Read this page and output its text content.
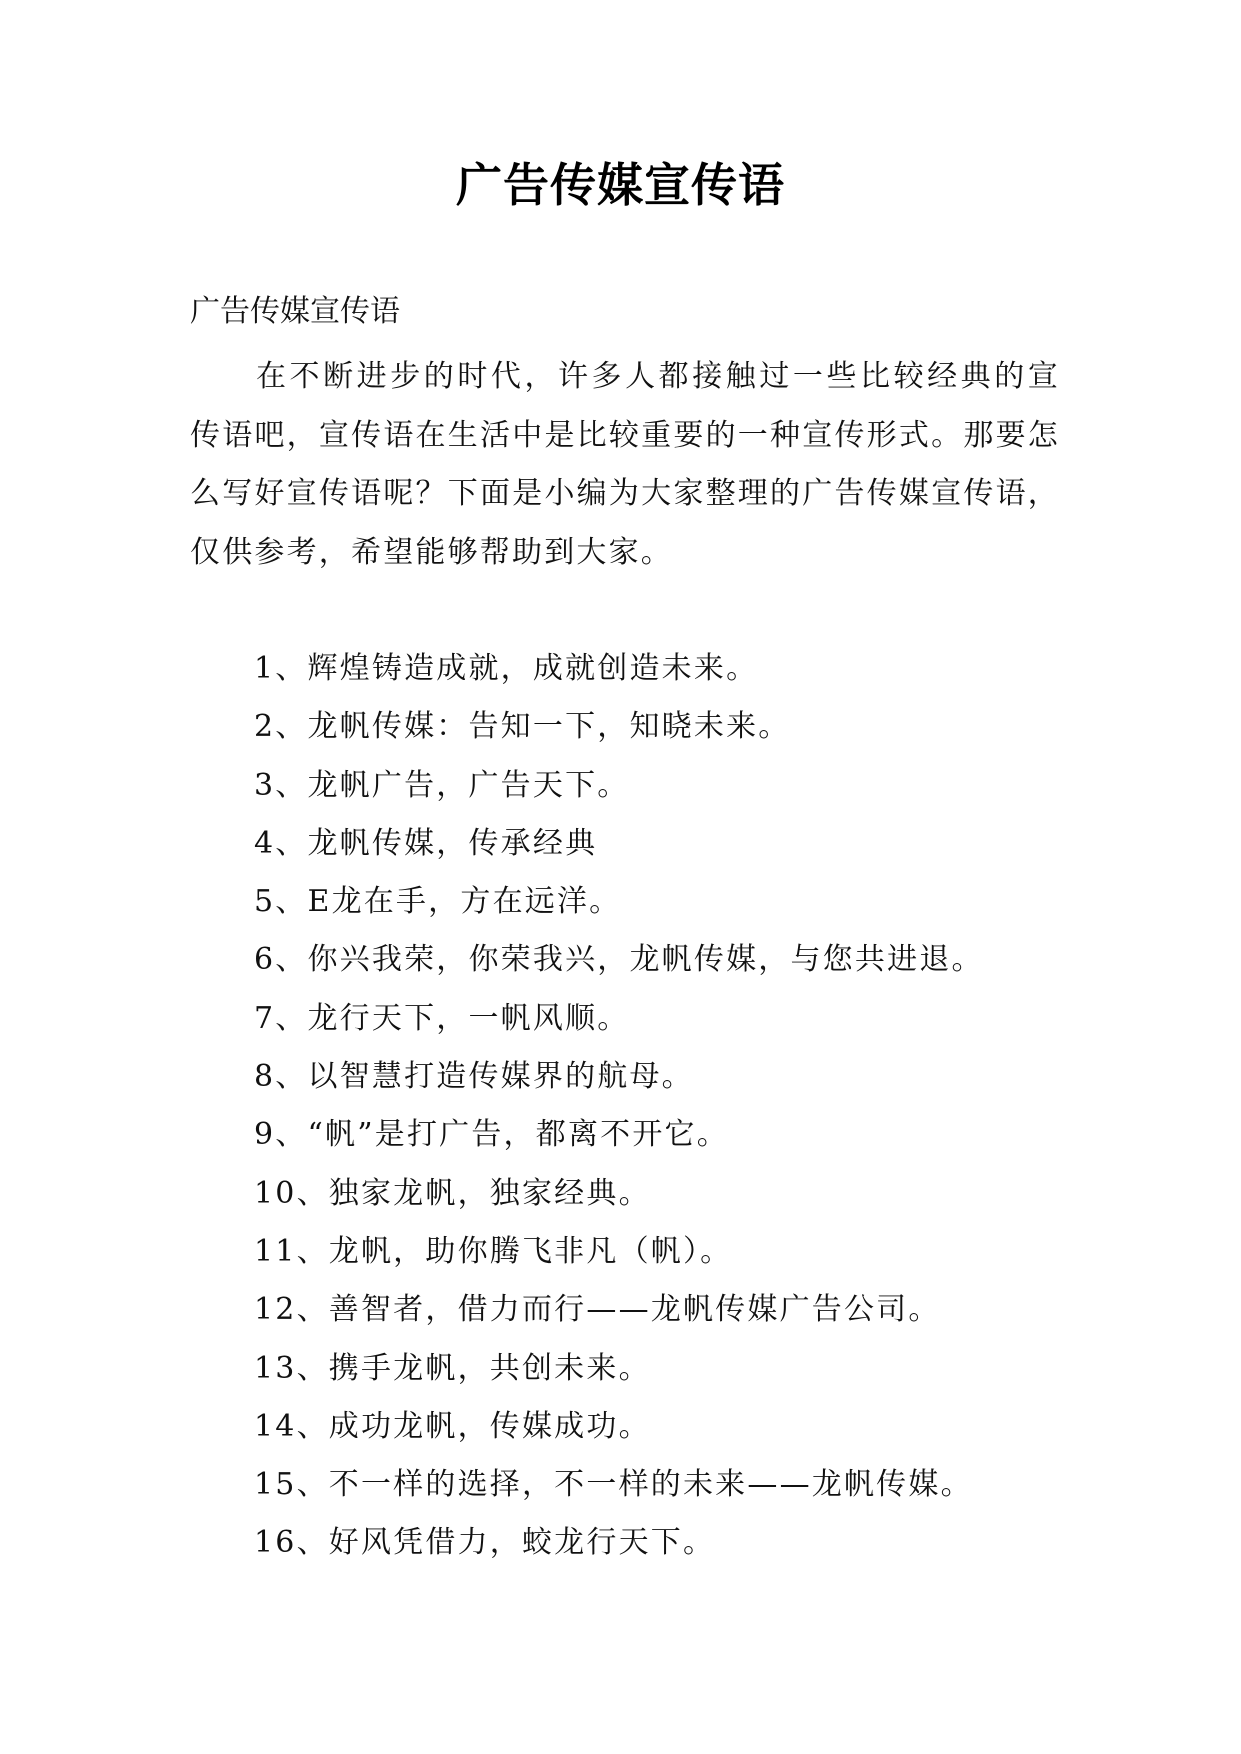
广告传媒宣传语

广告传媒宣传语

在不断进步的时代，许多人都接触过一些比较经典的宣传语吧，宣传语在生活中是比较重要的一种宣传形式。那要怎么写好宣传语呢？下面是小编为大家整理的广告传媒宣传语，仅供参考，希望能够帮助到大家。

1、辉煌铸造成就，成就创造未来。
2、龙帆传媒：告知一下，知晓未来。
3、龙帆广告，广告天下。
4、龙帆传媒，传承经典
5、E龙在手，方在远洋。
6、你兴我荣，你荣我兴，龙帆传媒，与您共进退。
7、龙行天下，一帆风顺。
8、以智慧打造传媒界的航母。
9、“帆”是打广告，都离不开它。
10、独家龙帆，独家经典。
11、龙帆，助你腾飞非凡（帆）。
12、善智者，借力而行——龙帆传媒广告公司。
13、携手龙帆，共创未来。
14、成功龙帆，传媒成功。
15、不一样的选择，不一样的未来——龙帆传媒。
16、好风凭借力，蛟龙行天下。
